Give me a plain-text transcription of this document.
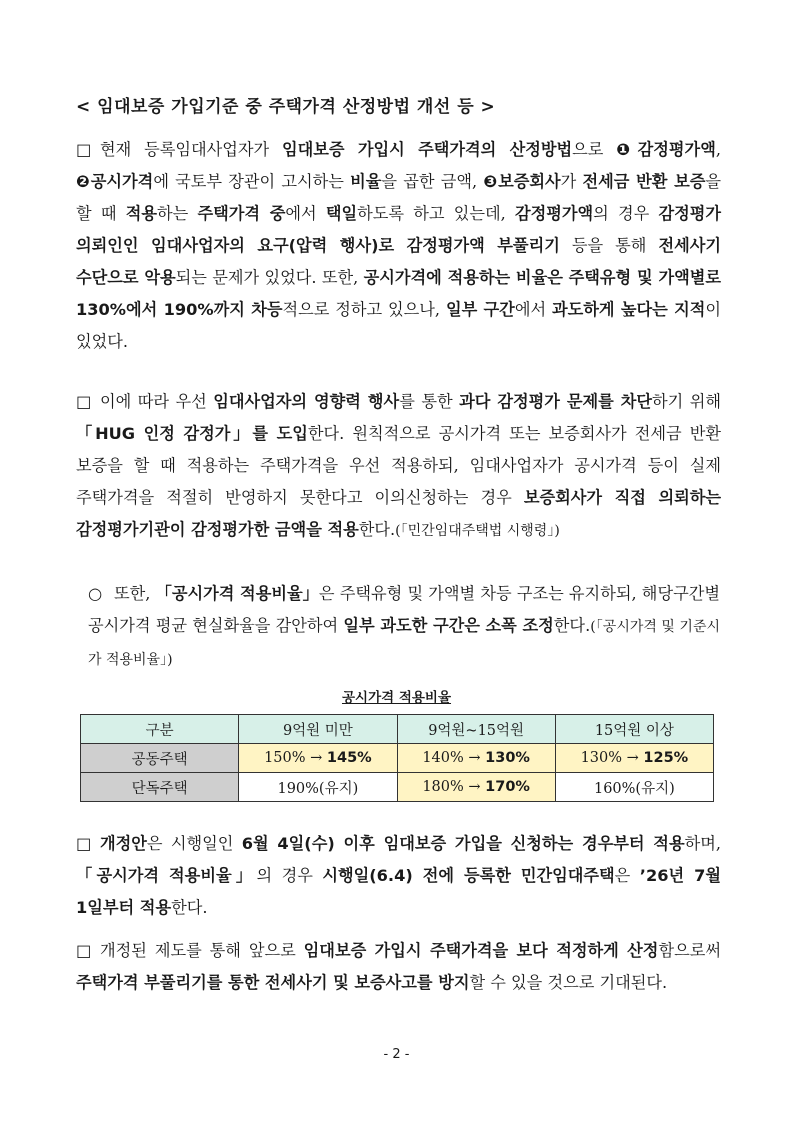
< 임대보증 가입기준 중 주택가격 산정방법 개선 등 >
□ 현재 등록임대사업자가 임대보증 가입시 주택가격의 산정방법으로 ❶감정평가액, ❷공시가격에 국토부 장관이 고시하는 비율을 곱한 금액, ❸보증회사가 전세금 반환 보증을 할 때 적용하는 주택가격 중에서 택일하도록 하고 있는데, 감정평가액의 경우 감정평가 의뢰인인 임대사업자의 요구(압력 행사)로 감정평가액 부풀리기 등을 통해 전세사기 수단으로 악용되는 문제가 있었다. 또한, 공시가격에 적용하는 비율은 주택유형 및 가액별로 130%에서 190%까지 차등적으로 정하고 있으나, 일부 구간에서 과도하게 높다는 지적이 있었다.
□ 이에 따라 우선 임대사업자의 영향력 행사를 통한 과다 감정평가 문제를 차단하기 위해 「HUG 인정 감정가」를 도입한다. 원칙적으로 공시가격 또는 보증회사가 전세금 반환 보증을 할 때 적용하는 주택가격을 우선 적용하되, 임대사업자가 공시가격 등이 실제 주택가격을 적절히 반영하지 못한다고 이의신청하는 경우 보증회사가 직접 의뢰하는 감정평가기관이 감정평가한 금액을 적용한다.(「민간임대주택법 시행령」)
○ 또한, 「공시가격 적용비율」은 주택유형 및 가액별 차등 구조는 유지하되, 해당구간별 공시가격 평균 현실화율을 감안하여 일부 과도한 구간은 소폭 조정한다.(「공시가격 및 기준시가 적용비율」)
공시가격 적용비율
구분	9억원 미만	9억원~15억원	15억원 이상
공동주택	150% → 145%	140% → 130%	130% → 125%
단독주택	190%(유지)	180% → 170%	160%(유지)
□ 개정안은 시행일인 6월 4일(수) 이후 임대보증 가입을 신청하는 경우부터 적용하며, 「공시가격 적용비율」의 경우 시행일(6.4) 전에 등록한 민간임대주택은 ’26년 7월 1일부터 적용한다.
□ 개정된 제도를 통해 앞으로 임대보증 가입시 주택가격을 보다 적정하게 산정함으로써 주택가격 부풀리기를 통한 전세사기 및 보증사고를 방지할 수 있을 것으로 기대된다.
- 2 -
